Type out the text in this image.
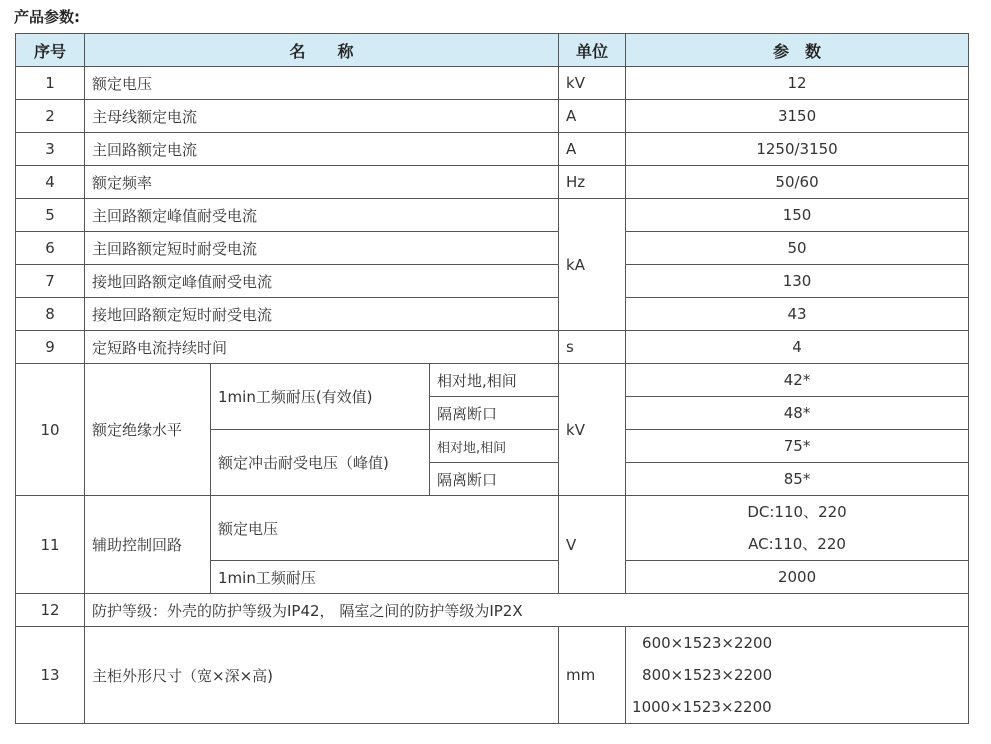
产品参数:
序号	名　　称			单位	参　数
1	额定电压			kV	12
2	主母线额定电流			A	3150
3	主回路额定电流			A	1250/3150
4	额定频率			Hz	50/60
5	主回路额定峰值耐受电流			kA	150
6	主回路额定短时耐受电流				50
7	接地回路额定峰值耐受电流				130
8	接地回路额定短时耐受电流				43
9	定短路电流持续时间			s	4
10	额定绝缘水平	1min工频耐压(有效值)	相对地,相间	kV	42*
			隔离断口		48*
		额定冲击耐受电压（峰值)	相对地,相间		75*
			隔离断口		85*
11	辅助控制回路	额定电压		V	DC:110、220
AC:110、220

		1min工频耐压			2000
12	防护等级：外壳的防护等级为IP42， 隔室之间的防护等级为IP2X				
13	主柜外形尺寸（宽×深×高)			mm	600×1523×2200
800×1523×2200
1000×1523×2200
